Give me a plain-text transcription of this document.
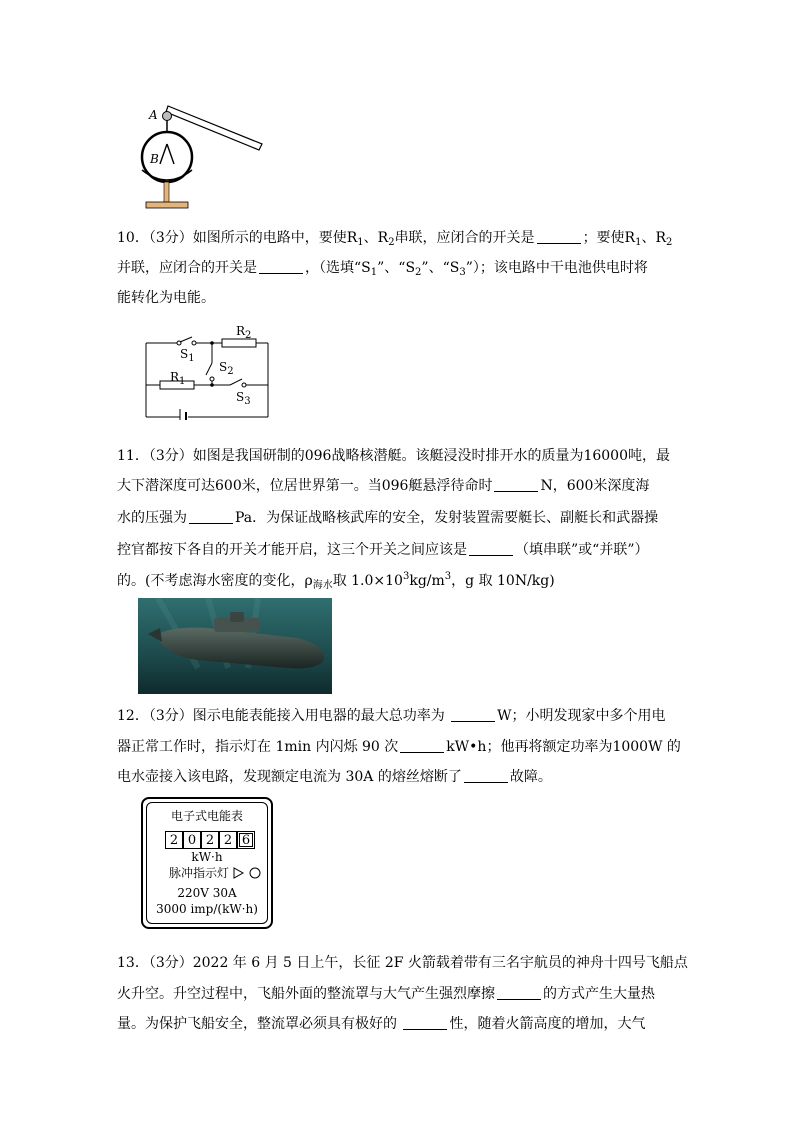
A
B
10．（3分）如图所示的电路中，要使$R_1$、$R_2$串联，应闭合的开关是	；要使$R_1$、$R_2$
并联，应闭合的开关是	，（选填“$S_1$”、“$S_2$”、“$S_3$”）；该电路中干电池供电时将
能转化为电能。
$R_2$
$S_1$
$S_2$
$R_1$
$S_3$
11．（3分）如图是我国研制的096战略核潜艇。该艇浸没时排开水的质量为16000吨，最
大下潜深度可达600米，位居世界第一。当096艇悬浮待命时	N，600米深度海
水的压强为	Pa．为保证战略核武库的安全，发射装置需要艇长、副艇长和武器操
控官都按下各自的开关才能开启，这三个开关之间应该是	（填串联”或“并联”）
的。(不考虑海水密度的变化，$\rho_{海水}$取 $1.0\times 10^3kg/m^3$，g 取 10N/kg)
12．（3分）图示电能表能接入用电器的最大总功率为	W；小明发现家中多个用电
器正常工作时，指示灯在 1min 内闪烁 90 次	kW•h；他再将额定功率为1000W 的
电水壶接入该电路，发现额定电流为 30A 的熔丝熔断了	故障。
电子式电能表
2 0 2 2 6
kW·h
脉冲指示灯
220V 30A
3000 imp/(kW·h)
13．（3分）2022 年 6 月 5 日上午，长征 2F 火箭载着带有三名宇航员的神舟十四号飞船点
火升空。升空过程中，飞船外面的整流罩与大气产生强烈摩擦	的方式产生大量热
量。为保护飞船安全，整流罩必须具有极好的	性，随着火箭高度的增加，大气
